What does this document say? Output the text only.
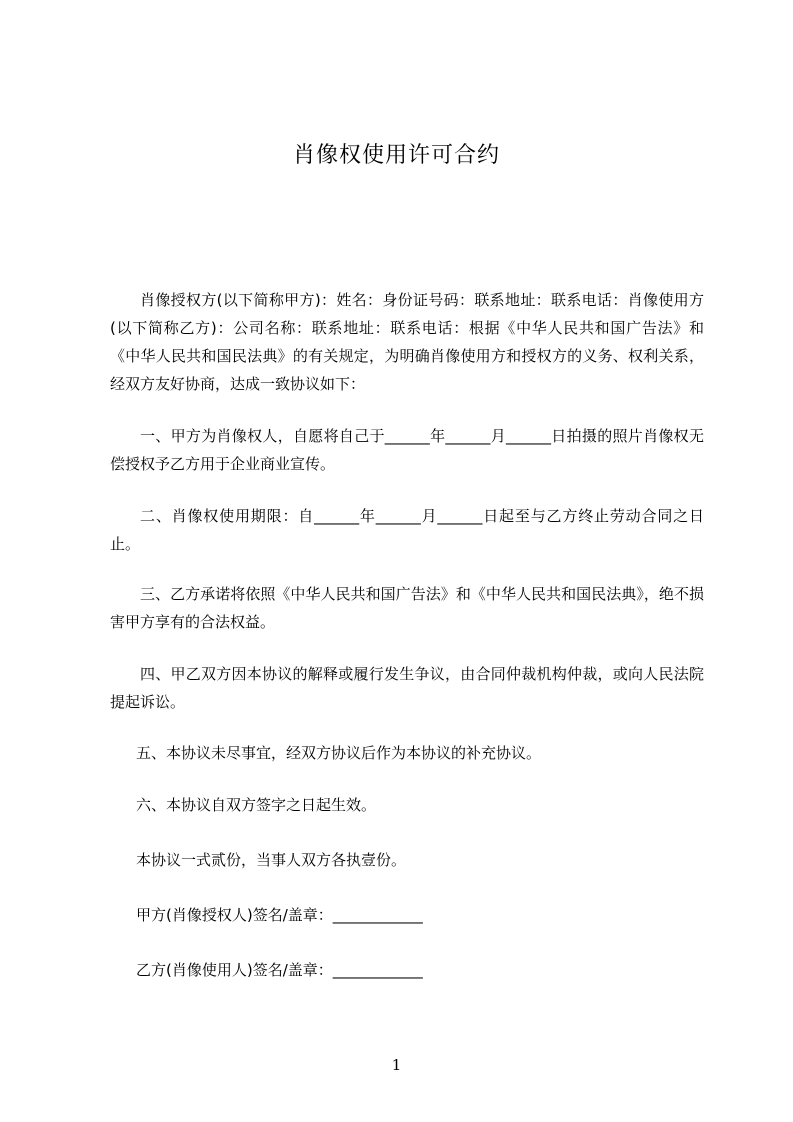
肖像权使用许可合约

肖像授权方(以下简称甲方)：姓名：身份证号码：联系地址：联系电话：肖像使用方(以下简称乙方)：公司名称：联系地址：联系电话：根据《中华人民共和国广告法》和《中华人民共和国民法典》的有关规定，为明确肖像使用方和授权方的义务、权利关系，经双方友好协商，达成一致协议如下：

一、甲方为肖像权人，自愿将自己于______年______月______日拍摄的照片肖像权无偿授权予乙方用于企业商业宣传。

二、肖像权使用期限：自______年______月______日起至与乙方终止劳动合同之日止。

三、乙方承诺将依照《中华人民共和国广告法》和《中华人民共和国民法典》，绝不损害甲方享有的合法权益。

四、甲乙双方因本协议的解释或履行发生争议，由合同仲裁机构仲裁，或向人民法院提起诉讼。

五、本协议未尽事宜，经双方协议后作为本协议的补充协议。
六、本协议自双方签字之日起生效。
本协议一式贰份，当事人双方各执壹份。
甲方(肖像授权人)签名/盖章：____________
乙方(肖像使用人)签名/盖章：____________
1
